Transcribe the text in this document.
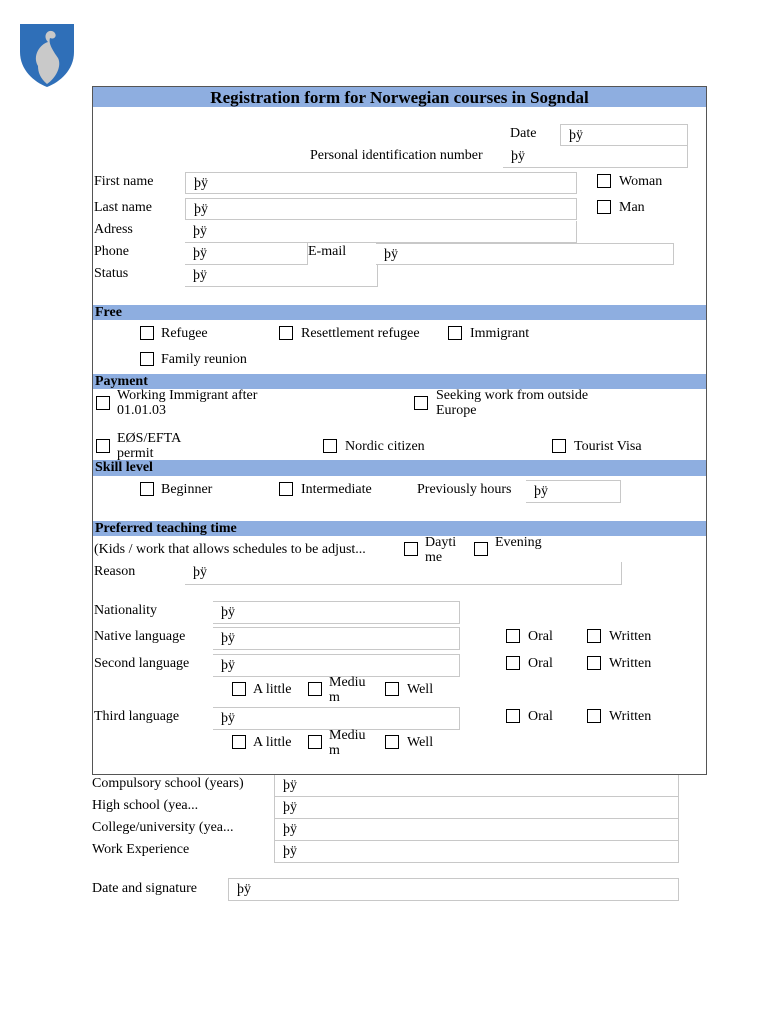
Registration form for Norwegian courses in Sogndal
Date þÿ
Personal identification number þÿ
First name	þÿ	Woman
Last name	þÿ	Man
Adress	þÿ
Phone	þÿ	E-mail	þÿ
Status	þÿ
Free
Refugee	Resettlement refugee	Immigrant
Family reunion
Payment
Working Immigrant after 01.01.03
Seeking work from outside Europe
EØS/EFTA permit	Nordic citizen	Tourist Visa
Skill level
Beginner	Intermediate	Previously hours þÿ
Preferred teaching time
(Kids / work that allows schedules to be adjust...	Daytime
Evening
Reason	þÿ
Nationality	þÿ
Native language	þÿ	Oral	Written
Second language þÿ	Oral	Written
A little	Medium
Well
Third language	þÿ	Oral	Written
A little	Medium
Well
Compulsory school (years)	þÿ
High school (yea...	þÿ
College/university (yea...	þÿ
Work Experience	þÿ
Date and signature	þÿ
